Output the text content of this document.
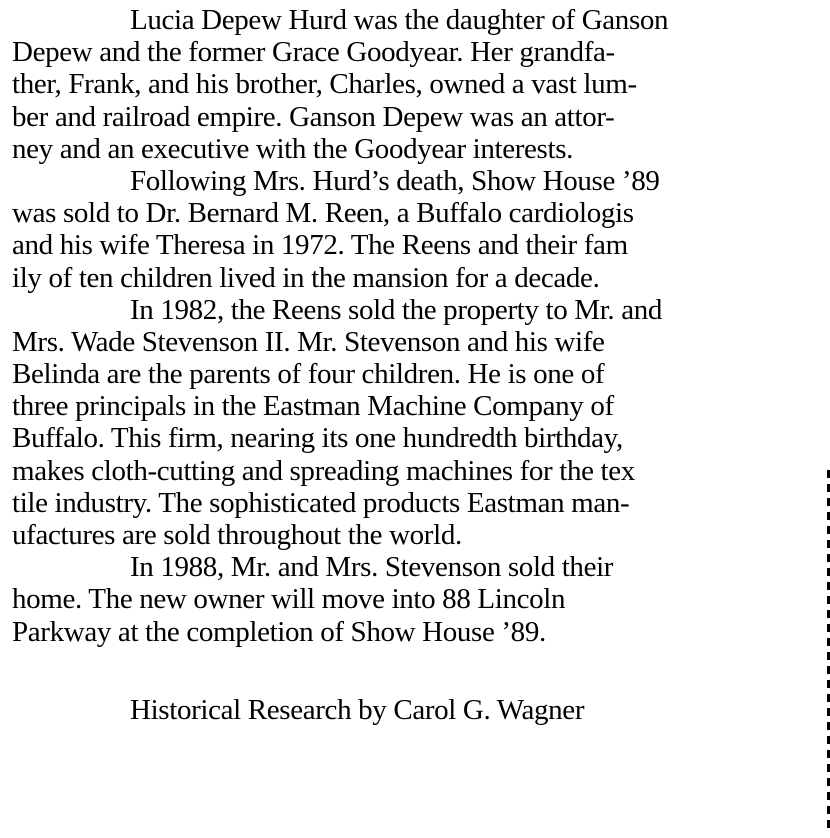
Lucia Depew Hurd was the daughter of Ganson
Depew and the former Grace Goodyear. Her grandfa-
ther, Frank, and his brother, Charles, owned a vast lum-
ber and railroad empire. Ganson Depew was an attor-
ney and an executive with the Goodyear interests.
Following Mrs. Hurd’s death, Show House ’89
was sold to Dr. Bernard M. Reen, a Buffalo cardiologis
and his wife Theresa in 1972. The Reens and their fam
ily of ten children lived in the mansion for a decade.
In 1982, the Reens sold the property to Mr. and
Mrs. Wade Stevenson II. Mr. Stevenson and his wife
Belinda are the parents of four children. He is one of
three principals in the Eastman Machine Company of
Buffalo. This firm, nearing its one hundredth birthday,
makes cloth-cutting and spreading machines for the tex
tile industry. The sophisticated products Eastman man-
ufactures are sold throughout the world.
In 1988, Mr. and Mrs. Stevenson sold their
home. The new owner will move into 88 Lincoln
Parkway at the completion of Show House ’89.
Historical Research by Carol G. Wagner
